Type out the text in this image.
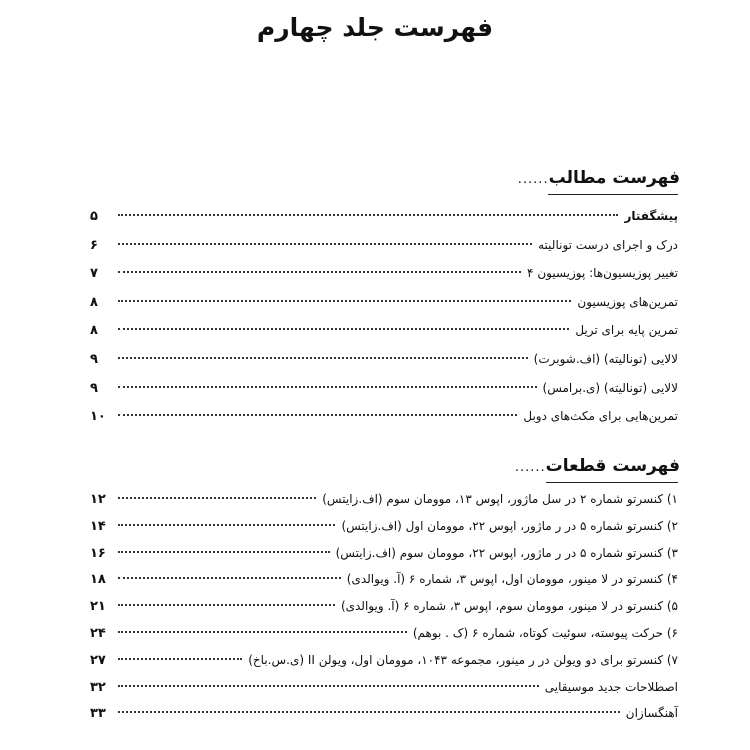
فهرست جلد چهارم
فهرست مطالب
......
پیشگفتار
۵
درک و اجرای درست تونالیته
۶
تغییر پوزیسیون‌ها: پوزیسیون ۴
۷
تمرین‌های پوزیسیون
۸
تمرین پایه برای تریل
۸
لالایی (تونالیته) (اف.شوبرت)
۹
لالایی (تونالیته) (ی.برامس)
۹
تمرین‌هایی برای مکث‌های دوبل
۱۰
فهرست قطعات
......
۱) کنسرتو شماره ۲ در سل ماژور، اپوس ۱۳، موومان سوم (اف.زایتس)
۱۲
۲) کنسرتو شماره ۵ در ر ماژور، اپوس ۲۲، موومان اول (اف.زایتس)
۱۴
۳) کنسرتو شماره ۵ در ر ماژور، اپوس ۲۲، موومان سوم (اف.زایتس)
۱۶
۴) کنسرتو در لا مینور، موومان اول، اپوس ۳، شماره ۶ (آ. ویوالدی)
۱۸
۵) کنسرتو در لا مینور، موومان سوم، اپوس ۳، شماره ۶ (آ. ویوالدی)
۲۱
۶) حرکت پیوسته، سوئیت کوتاه، شماره ۶ (ک . بوهم)
۲۴
۷) کنسرتو برای دو ویولن در ر مینور، مجموعه ۱۰۴۳، موومان اول، ویولن II (ی.س.باخ)
۲۷
اصطلاحات جدید موسیقایی
۳۲
آهنگسازان
۳۳
